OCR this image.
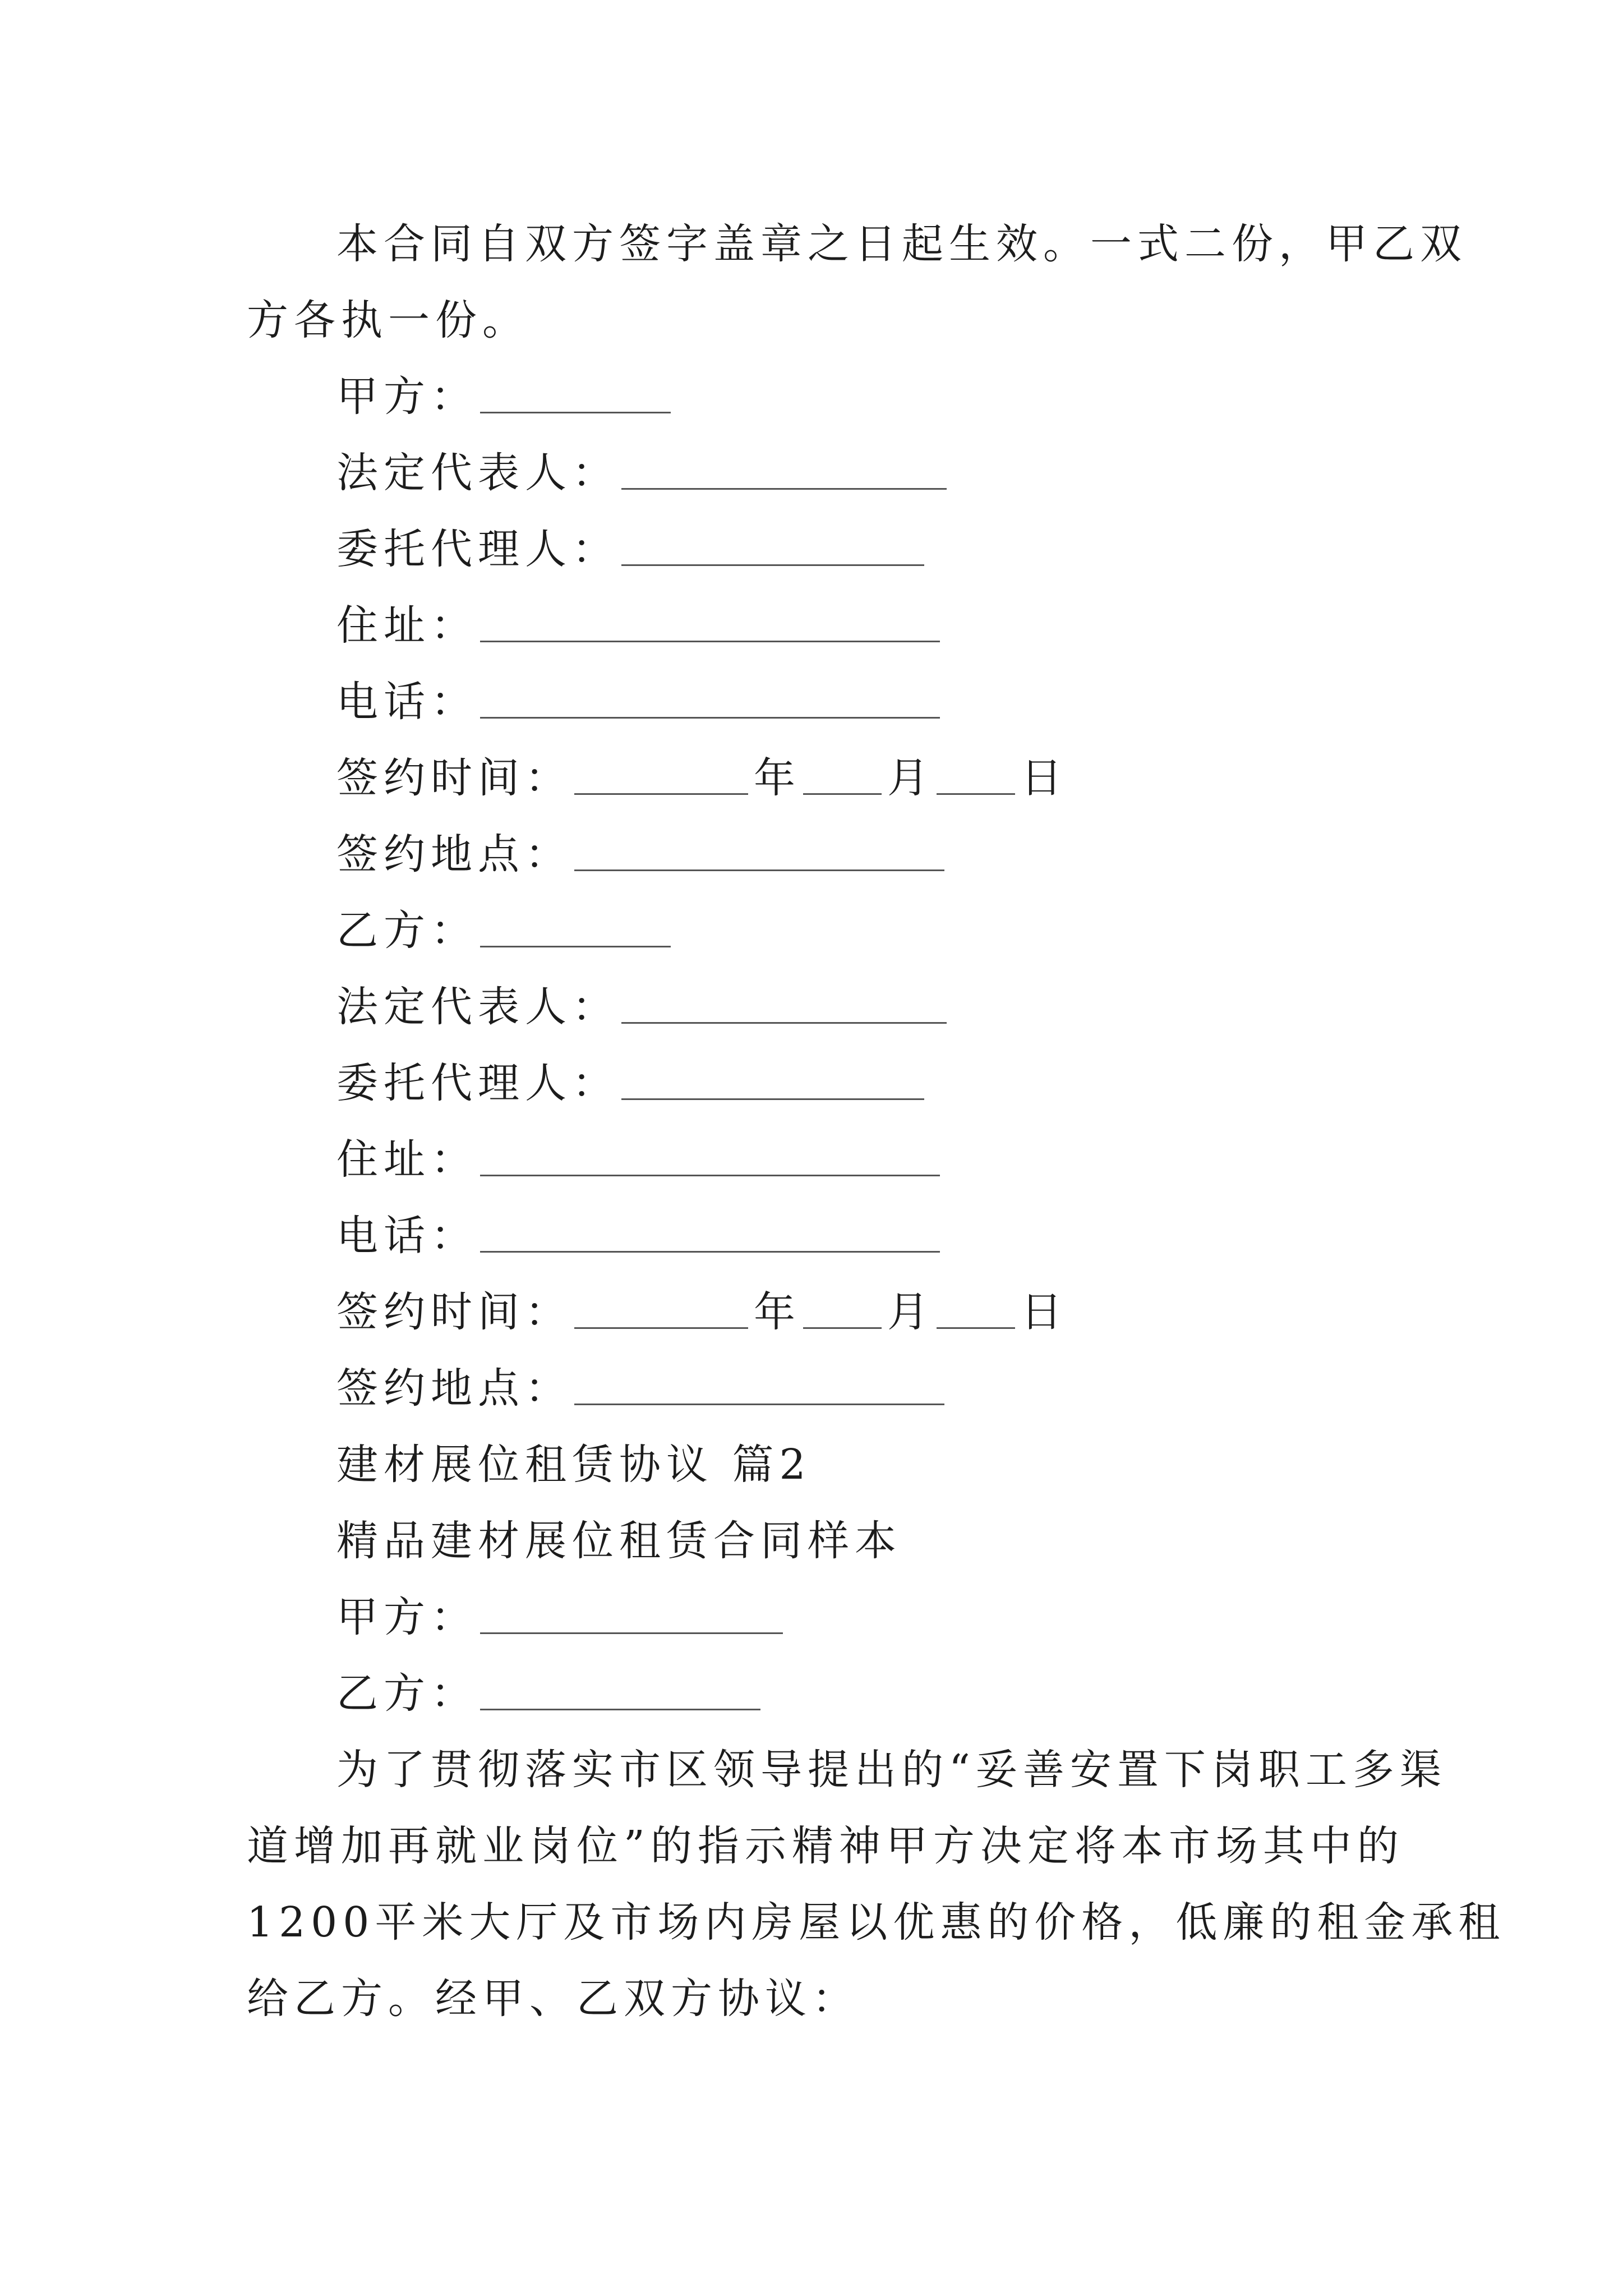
本合同自双方签字盖章之日起生效。一式二份，甲乙双
方各执一份。
甲方：
法定代表人：
委托代理人：
住址：
电话：
签约时间：	年 月 日
签约地点：
乙方：
法定代表人：
委托代理人：
住址：
电话：
签约时间：	年 月 日
签约地点：
建材展位租赁协议 篇2
精品建材展位租赁合同样本
甲方：
乙方：
为了贯彻落实市区领导提出的“妥善安置下岗职工多渠
道增加再就业岗位”的指示精神甲方决定将本市场其中的
1200平米大厅及市场内房屋以优惠的价格，低廉的租金承租
给乙方。经甲、乙双方协议：
